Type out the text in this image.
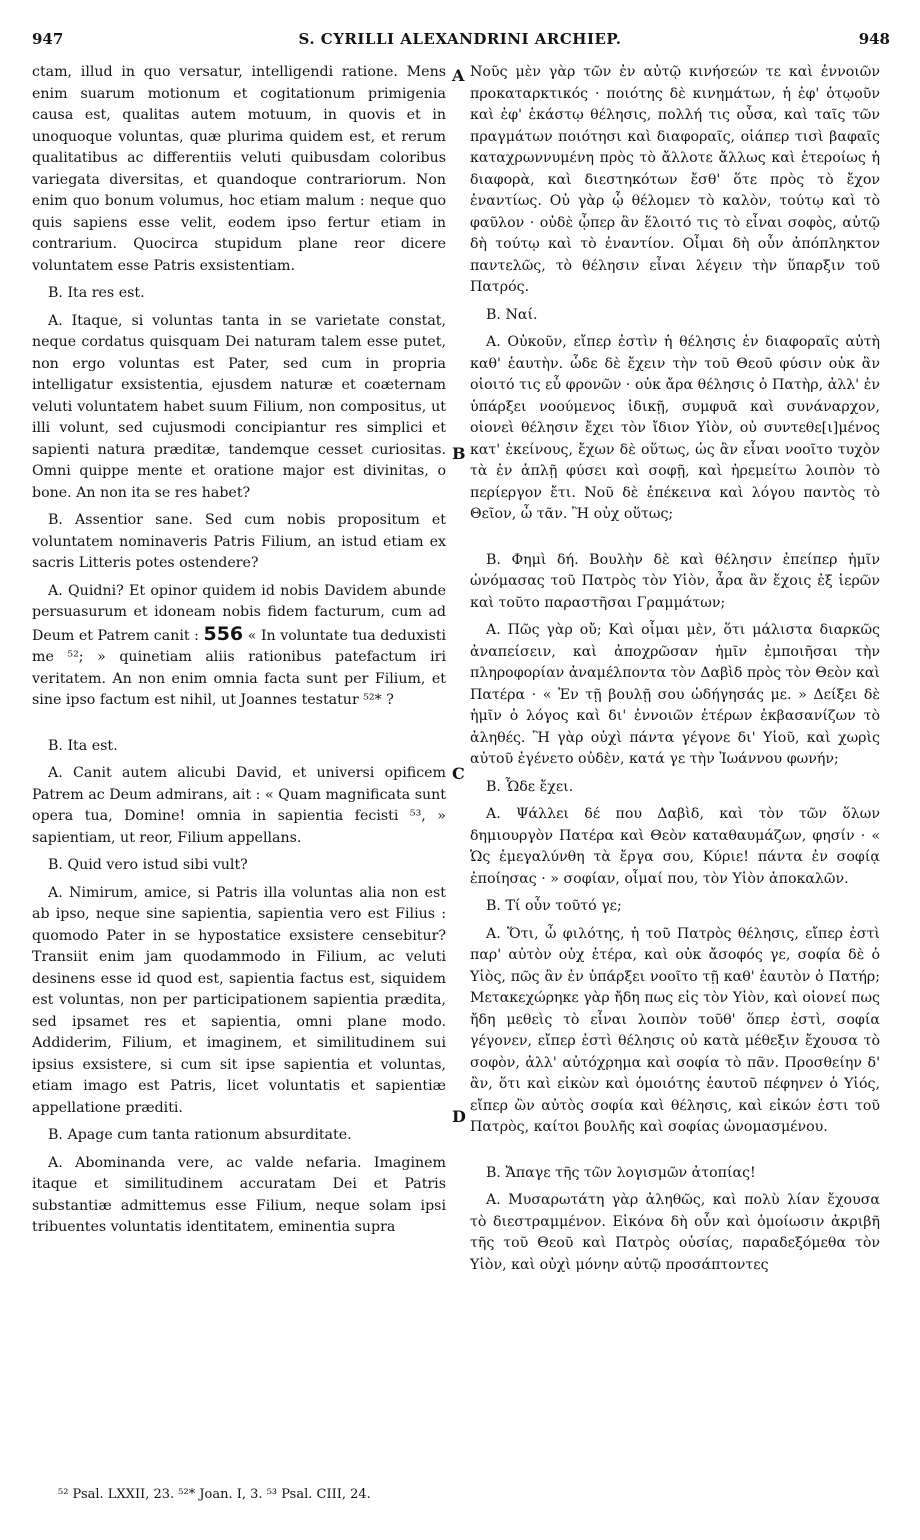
947	S. CYRILLI ALEXANDRINI ARCHIEP.	948
A
B
C
D

ctam, illud in quo versatur, intelligendi ratione. Mens enim suarum motionum et cogitationum primigenia causa est, qualitas autem motuum, in quovis et in unoquoque voluntas, quæ plurima quidem est, et rerum qualitatibus ac differentiis veluti quibusdam coloribus variegata diversitas, et quandoque contrariorum. Non enim quo bonum volumus, hoc etiam malum : neque quo quis sapiens esse velit, eodem ipso fertur etiam in contrarium. Quocirca stupidum plane reor dicere voluntatem esse Patris exsistentiam.

B. Ita res est.

A. Itaque, si voluntas tanta in se varietate constat, neque cordatus quisquam Dei naturam talem esse putet, non ergo voluntas est Pater, sed cum in propria intelligatur exsistentia, ejusdem naturæ et coæternam veluti voluntatem habet suum Filium, non compositus, ut illi volunt, sed cujusmodi concipiantur res simplici et sapienti natura præditæ, tandemque cesset curiositas. Omni quippe mente et oratione major est divinitas, o bone. An non ita se res habet?

B. Assentior sane. Sed cum nobis propositum et voluntatem nominaveris Patris Filium, an istud etiam ex sacris Litteris potes ostendere?

A. Quidni? Et opinor quidem id nobis Davidem abunde persuasurum et idoneam nobis fidem facturum, cum ad Deum et Patrem canit : 556 « In voluntate tua deduxisti me ⁵²; » quinetiam aliis rationibus patefactum iri veritatem. An non enim omnia facta sunt per Filium, et sine ipso factum est nihil, ut Joannes testatur ⁵²* ?

B. Ita est.

A. Canit autem alicubi David, et universi opificem Patrem ac Deum admirans, ait : « Quam magnificata sunt opera tua, Domine! omnia in sapientia fecisti ⁵³, » sapientiam, ut reor, Filium appellans.

B. Quid vero istud sibi vult?

A. Nimirum, amice, si Patris illa voluntas alia non est ab ipso, neque sine sapientia, sapientia vero est Filius : quomodo Pater in se hypostatice exsistere censebitur? Transiit enim jam quodammodo in Filium, ac veluti desinens esse id quod est, sapientia factus est, siquidem est voluntas, non per participationem sapientia prædita, sed ipsamet res et sapientia, omni plane modo. Addiderim, Filium, et imaginem, et similitudinem sui ipsius exsistere, si cum sit ipse sapientia et voluntas, etiam imago est Patris, licet voluntatis et sapientiæ appellatione præditi.

B. Apage cum tanta rationum absurditate.

A. Abominanda vere, ac valde nefaria. Imaginem itaque et similitudinem accuratam Dei et Patris substantiæ admittemus esse Filium, neque solam ipsi tribuentes voluntatis identitatem, eminentia supra

Νοῦς μὲν γὰρ τῶν ἐν αὐτῷ κινήσεών τε καὶ ἐννοιῶν προκαταρκτικός · ποιότης δὲ κινημάτων, ἡ ἐφ' ὁτῳοῦν καὶ ἐφ' ἑκάστῳ θέλησις, πολλή τις οὖσα, καὶ ταῖς τῶν πραγμάτων ποιότησι καὶ διαφοραῖς, οἱάπερ τισὶ βαφαῖς καταχρωννυμένη πρὸς τὸ ἄλλοτε ἄλλως καὶ ἑτεροίως ἡ διαφορὰ, καὶ διεστηκότων ἔσθ' ὅτε πρὸς τὸ ἔχον ἐναντίως. Οὐ γὰρ ᾧ θέλομεν τὸ καλὸν, τούτῳ καὶ τὸ φαῦλον · οὐδὲ ᾧπερ ἂν ἕλοιτό τις τὸ εἶναι σοφὸς, αὐτῷ δὴ τούτῳ καὶ τὸ ἐναντίον. Οἶμαι δὴ οὖν ἀπόπληκτον παντελῶς, τὸ θέλησιν εἶναι λέγειν τὴν ὕπαρξιν τοῦ Πατρός.

Β. Ναί.

Α. Οὐκοῦν, εἴπερ ἐστὶν ἡ θέλησις ἐν διαφοραῖς αὐτὴ καθ' ἑαυτὴν. ὧδε δὲ ἔχειν τὴν τοῦ Θεοῦ φύσιν οὐκ ἂν οἰοιτό τις εὖ φρονῶν · οὐκ ἄρα θέλησις ὁ Πατὴρ, ἀλλ' ἐν ὑπάρξει νοούμενος ἰδικῇ, συμφυᾶ καὶ συνάναρχον, οἱονεὶ θέλησιν ἔχει τὸν ἴδιον Υἱὸν, οὐ συντεθε[ι]μένος κατ' ἐκείνους, ἔχων δὲ οὕτως, ὡς ἂν εἶναι νοοῖτο τυχὸν τὰ ἐν ἁπλῇ φύσει καὶ σοφῇ, καὶ ἠρεμείτω λοιπὸν τὸ περίεργον ἔτι. Νοῦ δὲ ἐπέκεινα καὶ λόγου παντὸς τὸ Θεῖον, ὦ τᾶν. Ἢ οὐχ οὕτως;

Β. Φημὶ δή. Βουλὴν δὲ καὶ θέλησιν ἐπείπερ ἡμῖν ὠνόμασας τοῦ Πατρὸς τὸν Υἱὸν, ἆρα ἂν ἔχοις ἐξ ἱερῶν καὶ τοῦτο παραστῆσαι Γραμμάτων;

Α. Πῶς γὰρ οὔ; Καὶ οἶμαι μὲν, ὅτι μάλιστα διαρκῶς ἀναπείσειν, καὶ ἀποχρῶσαν ἡμῖν ἐμποιῆσαι τὴν πληροφορίαν ἀναμέλποντα τὸν Δαβὶδ πρὸς τὸν Θεὸν καὶ Πατέρα · « Ἐν τῇ βουλῇ σου ὡδήγησάς με. » Δείξει δὲ ἡμῖν ὁ λόγος καὶ δι' ἐννοιῶν ἑτέρων ἐκβασανίζων τὸ ἀληθές. Ἢ γὰρ οὐχὶ πάντα γέγονε δι' Υἱοῦ, καὶ χωρὶς αὐτοῦ ἐγένετο οὐδὲν, κατά γε τὴν Ἰωάννου φωνήν;

Β. Ὧδε ἔχει.

Α. Ψάλλει δέ που Δαβὶδ, καὶ τὸν τῶν ὅλων δημιουργὸν Πατέρα καὶ Θεὸν καταθαυμάζων, φησίν · « Ὡς ἐμεγαλύνθη τὰ ἔργα σου, Κύριε! πάντα ἐν σοφίᾳ ἐποίησας · » σοφίαν, οἶμαί που, τὸν Υἱὸν ἀποκαλῶν.

Β. Τί οὖν τοῦτό γε;

Α. Ὅτι, ὦ φιλότης, ἡ τοῦ Πατρὸς θέλησις, εἴπερ ἐστὶ παρ' αὐτὸν οὐχ ἑτέρα, καὶ οὐκ ἄσοφός γε, σοφία δὲ ὁ Υἱὸς, πῶς ἂν ἐν ὑπάρξει νοοῖτο τῇ καθ' ἑαυτὸν ὁ Πατήρ; Μετακεχώρηκε γὰρ ἤδη πως εἰς τὸν Υἱὸν, καὶ οἱονεί πως ἤδη μεθεὶς τὸ εἶναι λοιπὸν τοῦθ' ὅπερ ἐστὶ, σοφία γέγονεν, εἴπερ ἐστὶ θέλησις οὐ κατὰ μέθεξιν ἔχουσα τὸ σοφὸν, ἀλλ' αὐτόχρημα καὶ σοφία τὸ πᾶν. Προσθείην δ' ἂν, ὅτι καὶ εἰκὼν καὶ ὁμοιότης ἑαυτοῦ πέφηνεν ὁ Υἱός, εἴπερ ὢν αὐτὸς σοφία καὶ θέλησις, καὶ εἰκών ἐστι τοῦ Πατρὸς, καίτοι βουλῆς καὶ σοφίας ὠνομασμένου.

Β. Ἄπαγε τῆς τῶν λογισμῶν ἀτοπίας!

Α. Μυσαρωτάτη γὰρ ἀληθῶς, καὶ πολὺ λίαν ἔχουσα τὸ διεστραμμένον. Εἰκόνα δὴ οὖν καὶ ὁμοίωσιν ἀκριβῆ τῆς τοῦ Θεοῦ καὶ Πατρὸς οὐσίας, παραδεξόμεθα τὸν Υἱὸν, καὶ οὐχὶ μόνην αὐτῷ προσάπτοντες

⁵² Psal. LXXII, 23. ⁵²* Joan. I, 3. ⁵³ Psal. CIII, 24.
